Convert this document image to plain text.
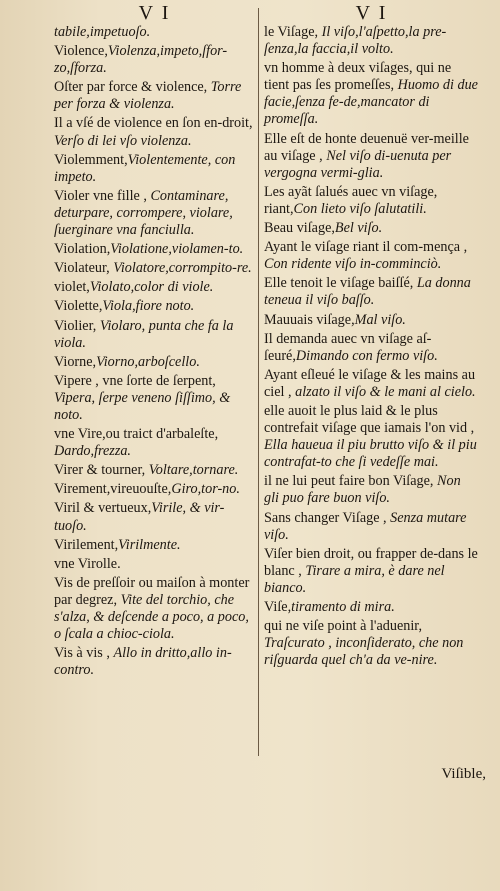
V I
tabile,impetuoſo.
Violence,Violenza,impeto,ſfor-zo,ſforza.
Oſter par force & violence, Torre per forza & violenza.
Il a vſé de violence en ſon en-droit, Verſo di lei vſo violenza.
Violemment,Violentemente, con impeto.
Violer vne fille , Contaminare, deturpare, corrompere, violare, ſuerginare vna fanciulla.
Violation,Violatione,violamen-to.
Violateur, Violatore,corrompito-re.
violet,Violato,color di viole.
Violette,Viola,fiore noto.
Violier, Violaro, punta che fa la viola.
Viorne,Viorno,arboſcello.
Vipere , vne ſorte de ſerpent, Vipera, ſerpe veneno ſiſſimo, & noto.
vne Vire,ou traict d'arbaleſte, Dardo,frezza.
Virer & tourner, Voltare,tornare.
Virement,vireuouſte,Giro,tor-no.
Viril & vertueux,Virile, & vir-tuoſo.
Virilement,Virilmente.
vne Virolle.
Vis de preſſoir ou maiſon à monter par degrez, Vite del torchio, che s'alza, & deſcende a poco, a poco, o ſcala a chioc-ciola.
Vis à vis , Allo in dritto,allo in-contro.
V I
le Viſage, Il viſo,l'aſpetto,la pre-ſenza,la faccia,il volto.
vn homme à deux viſages, qui ne tient pas ſes promeſſes, Huomo di due facie,ſenza fe-de,mancator di promeſſa.
Elle eſt de honte deuenuë ver-meille au viſage , Nel viſo di-uenuta per vergogna vermi-glia.
Les ayãt ſalués auec vn viſage, riant,Con lieto viſo ſalutatili.
Beau viſage,Bel viſo.
Ayant le viſage riant il com-mença , Con ridente viſo in-comminciò.
Elle tenoit le viſage baiſſé, La donna teneua il viſo baſſo.
Mauuais viſage,Mal viſo.
Il demanda auec vn viſage aſ-ſeuré,Dimando con fermo viſo.
Ayant eſleué le viſage & les mains au ciel , alzato il viſo & le mani al cielo.
elle auoit le plus laid & le plus contrefait viſage que iamais l'on vid , Ella haueua il piu brutto viſo & il piu contrafat-to che ſi vedeſſe mai.
il ne lui peut faire bon Viſage, Non gli puo fare buon viſo.
Sans changer Viſage , Senza mutare viſo.
Viſer bien droit, ou frapper de-dans le blanc , Tirare a mira, è dare nel bianco.
Viſe,tiramento di mira.
qui ne viſe point à l'aduenir, Traſcurato , inconſiderato, che non riſguarda quel ch'a da ve-nire.
Viſible,
